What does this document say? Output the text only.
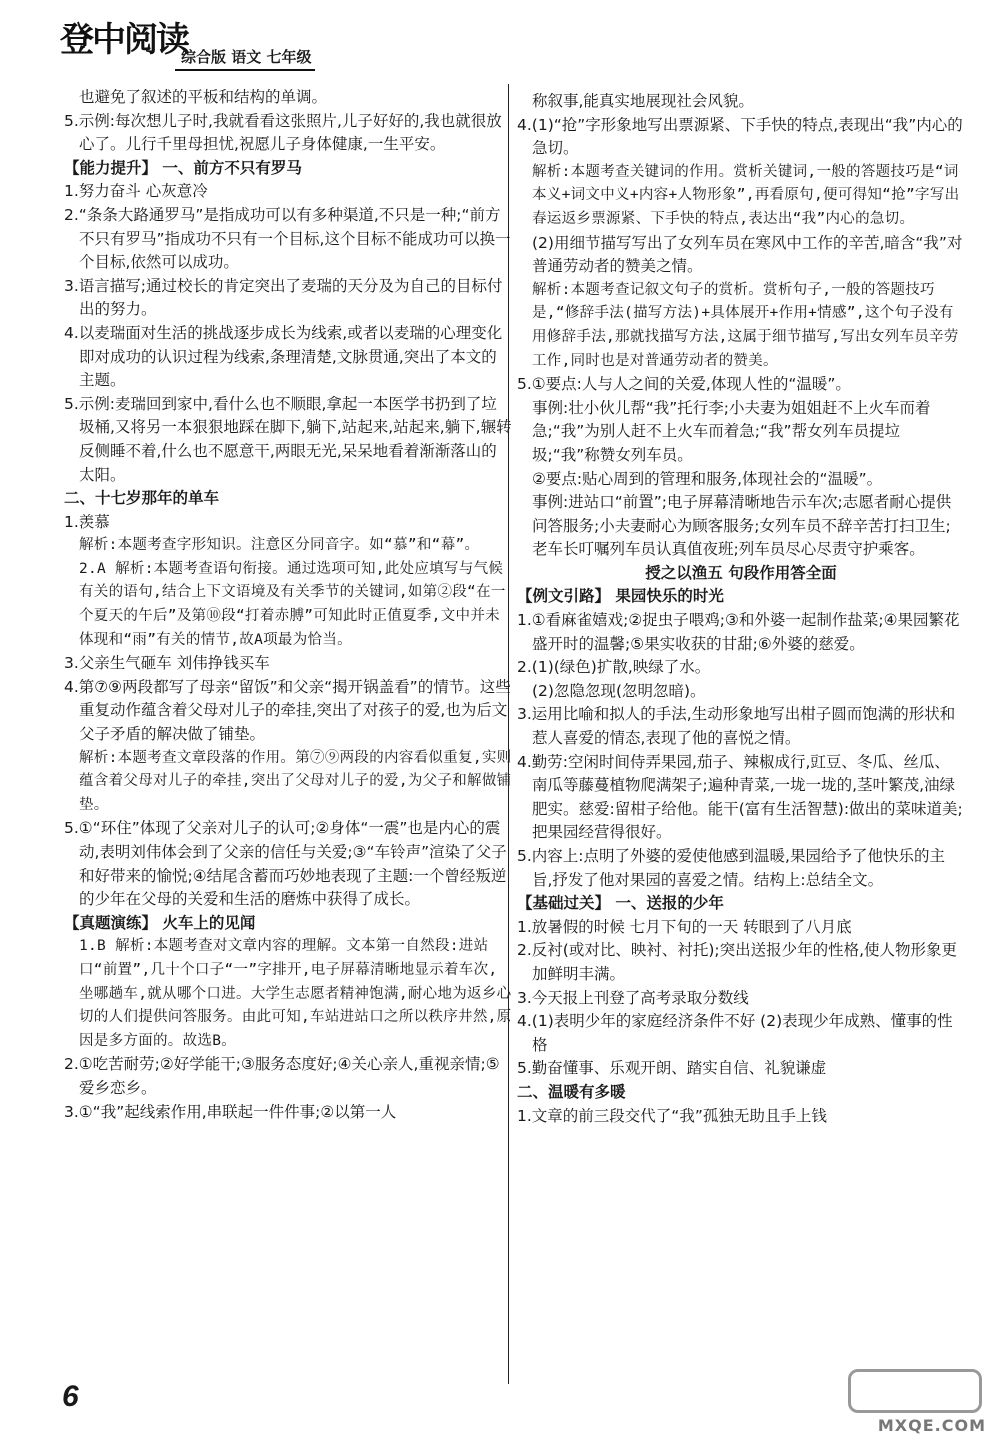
登中阅读
综合版 语文 七年级

也避免了叙述的平板和结构的单调。

5.示例:每次想儿子时,我就看看这张照片,儿子好好的,我也就很放心了。儿行千里母担忧,祝愿儿子身体健康,一生平安。

【能力提升】 一、前方不只有罗马

1.努力奋斗 心灰意冷

2.“条条大路通罗马”是指成功可以有多种渠道,不只是一种;“前方不只有罗马”指成功不只有一个目标,这个目标不能成功可以换一个目标,依然可以成功。

3.语言描写;通过校长的肯定突出了麦瑞的天分及为自己的目标付出的努力。

4.以麦瑞面对生活的挑战逐步成长为线索,或者以麦瑞的心理变化即对成功的认识过程为线索,条理清楚,文脉贯通,突出了本文的主题。

5.示例:麦瑞回到家中,看什么也不顺眼,拿起一本医学书扔到了垃圾桶,又将另一本狠狠地踩在脚下,躺下,站起来,站起来,躺下,辗转反侧睡不着,什么也不愿意干,两眼无光,呆呆地看着渐渐落山的太阳。

二、十七岁那年的单车

1.羡慕

解析:本题考查字形知识。注意区分同音字。如“慕”和“幕”。

2.A 解析:本题考查语句衔接。通过选项可知,此处应填写与气候有关的语句,结合上下文语境及有关季节的关键词,如第②段“在一个夏天的午后”及第⑩段“打着赤膊”可知此时正值夏季,文中并未体现和“雨”有关的情节,故A项最为恰当。

3.父亲生气砸车 刘伟挣钱买车

4.第⑦⑨两段都写了母亲“留饭”和父亲“揭开锅盖看”的情节。这些重复动作蕴含着父母对儿子的牵挂,突出了对孩子的爱,也为后文父子矛盾的解决做了铺垫。

解析:本题考查文章段落的作用。第⑦⑨两段的内容看似重复,实则蕴含着父母对儿子的牵挂,突出了父母对儿子的爱,为父子和解做铺垫。

5.①“环住”体现了父亲对儿子的认可;②身体“一震”也是内心的震动,表明刘伟体会到了父亲的信任与关爱;③“车铃声”渲染了父子和好带来的愉悦;④结尾含蓄而巧妙地表现了主题:一个曾经叛逆的少年在父母的关爱和生活的磨炼中获得了成长。

【真题演练】 火车上的见闻

1.B 解析:本题考查对文章内容的理解。文本第一自然段:进站口“前置”,几十个口子“一”字排开,电子屏幕清晰地显示着车次,坐哪趟车,就从哪个口进。大学生志愿者精神饱满,耐心地为返乡心切的人们提供问答服务。由此可知,车站进站口之所以秩序井然,原因是多方面的。故选B。

2.①吃苦耐劳;②好学能干;③服务态度好;④关心亲人,重视亲情;⑤爱乡恋乡。

3.①“我”起线索作用,串联起一件件事;②以第一人

称叙事,能真实地展现社会风貌。

4.(1)“抢”字形象地写出票源紧、下手快的特点,表现出“我”内心的急切。

解析:本题考查关键词的作用。赏析关键词,一般的答题技巧是“词本义+词文中义+内容+人物形象”,再看原句,便可得知“抢”字写出春运返乡票源紧、下手快的特点,表达出“我”内心的急切。

(2)用细节描写写出了女列车员在寒风中工作的辛苦,暗含“我”对普通劳动者的赞美之情。

解析:本题考查记叙文句子的赏析。赏析句子,一般的答题技巧是,“修辞手法(描写方法)+具体展开+作用+情感”,这个句子没有用修辞手法,那就找描写方法,这属于细节描写,写出女列车员辛劳工作,同时也是对普通劳动者的赞美。

5.①要点:人与人之间的关爱,体现人性的“温暖”。

事例:壮小伙儿帮“我”托行李;小夫妻为姐姐赶不上火车而着急;“我”为别人赶不上火车而着急;“我”帮女列车员提垃圾;“我”称赞女列车员。

②要点:贴心周到的管理和服务,体现社会的“温暖”。

事例:进站口“前置”;电子屏幕清晰地告示车次;志愿者耐心提供问答服务;小夫妻耐心为顾客服务;女列车员不辞辛苦打扫卫生;老车长叮嘱列车员认真值夜班;列车员尽心尽责守护乘客。

授之以渔五 句段作用答全面

【例文引路】 果园快乐的时光

1.①看麻雀嬉戏;②捉虫子喂鸡;③和外婆一起制作盐菜;④果园繁花盛开时的温馨;⑤果实收获的甘甜;⑥外婆的慈爱。

2.(1)(绿色)扩散,映绿了水。

(2)忽隐忽现(忽明忽暗)。

3.运用比喻和拟人的手法,生动形象地写出柑子圆而饱满的形状和惹人喜爱的情态,表现了他的喜悦之情。

4.勤劳:空闲时间侍弄果园,茄子、辣椒成行,豇豆、冬瓜、丝瓜、南瓜等藤蔓植物爬满架子;遍种青菜,一垅一垅的,茎叶繁茂,油绿肥实。慈爱:留柑子给他。能干(富有生活智慧):做出的菜味道美;把果园经营得很好。

5.内容上:点明了外婆的爱使他感到温暖,果园给予了他快乐的主旨,抒发了他对果园的喜爱之情。结构上:总结全文。

【基础过关】 一、送报的少年

1.放暑假的时候 七月下旬的一天 转眼到了八月底

2.反衬(或对比、映衬、衬托);突出送报少年的性格,使人物形象更加鲜明丰满。

3.今天报上刊登了高考录取分数线

4.(1)表明少年的家庭经济条件不好 (2)表现少年成熟、懂事的性格

5.勤奋懂事、乐观开朗、踏实自信、礼貌谦虚

二、温暖有多暖

1.文章的前三段交代了“我”孤独无助且手上钱

6
MXQE.COM
